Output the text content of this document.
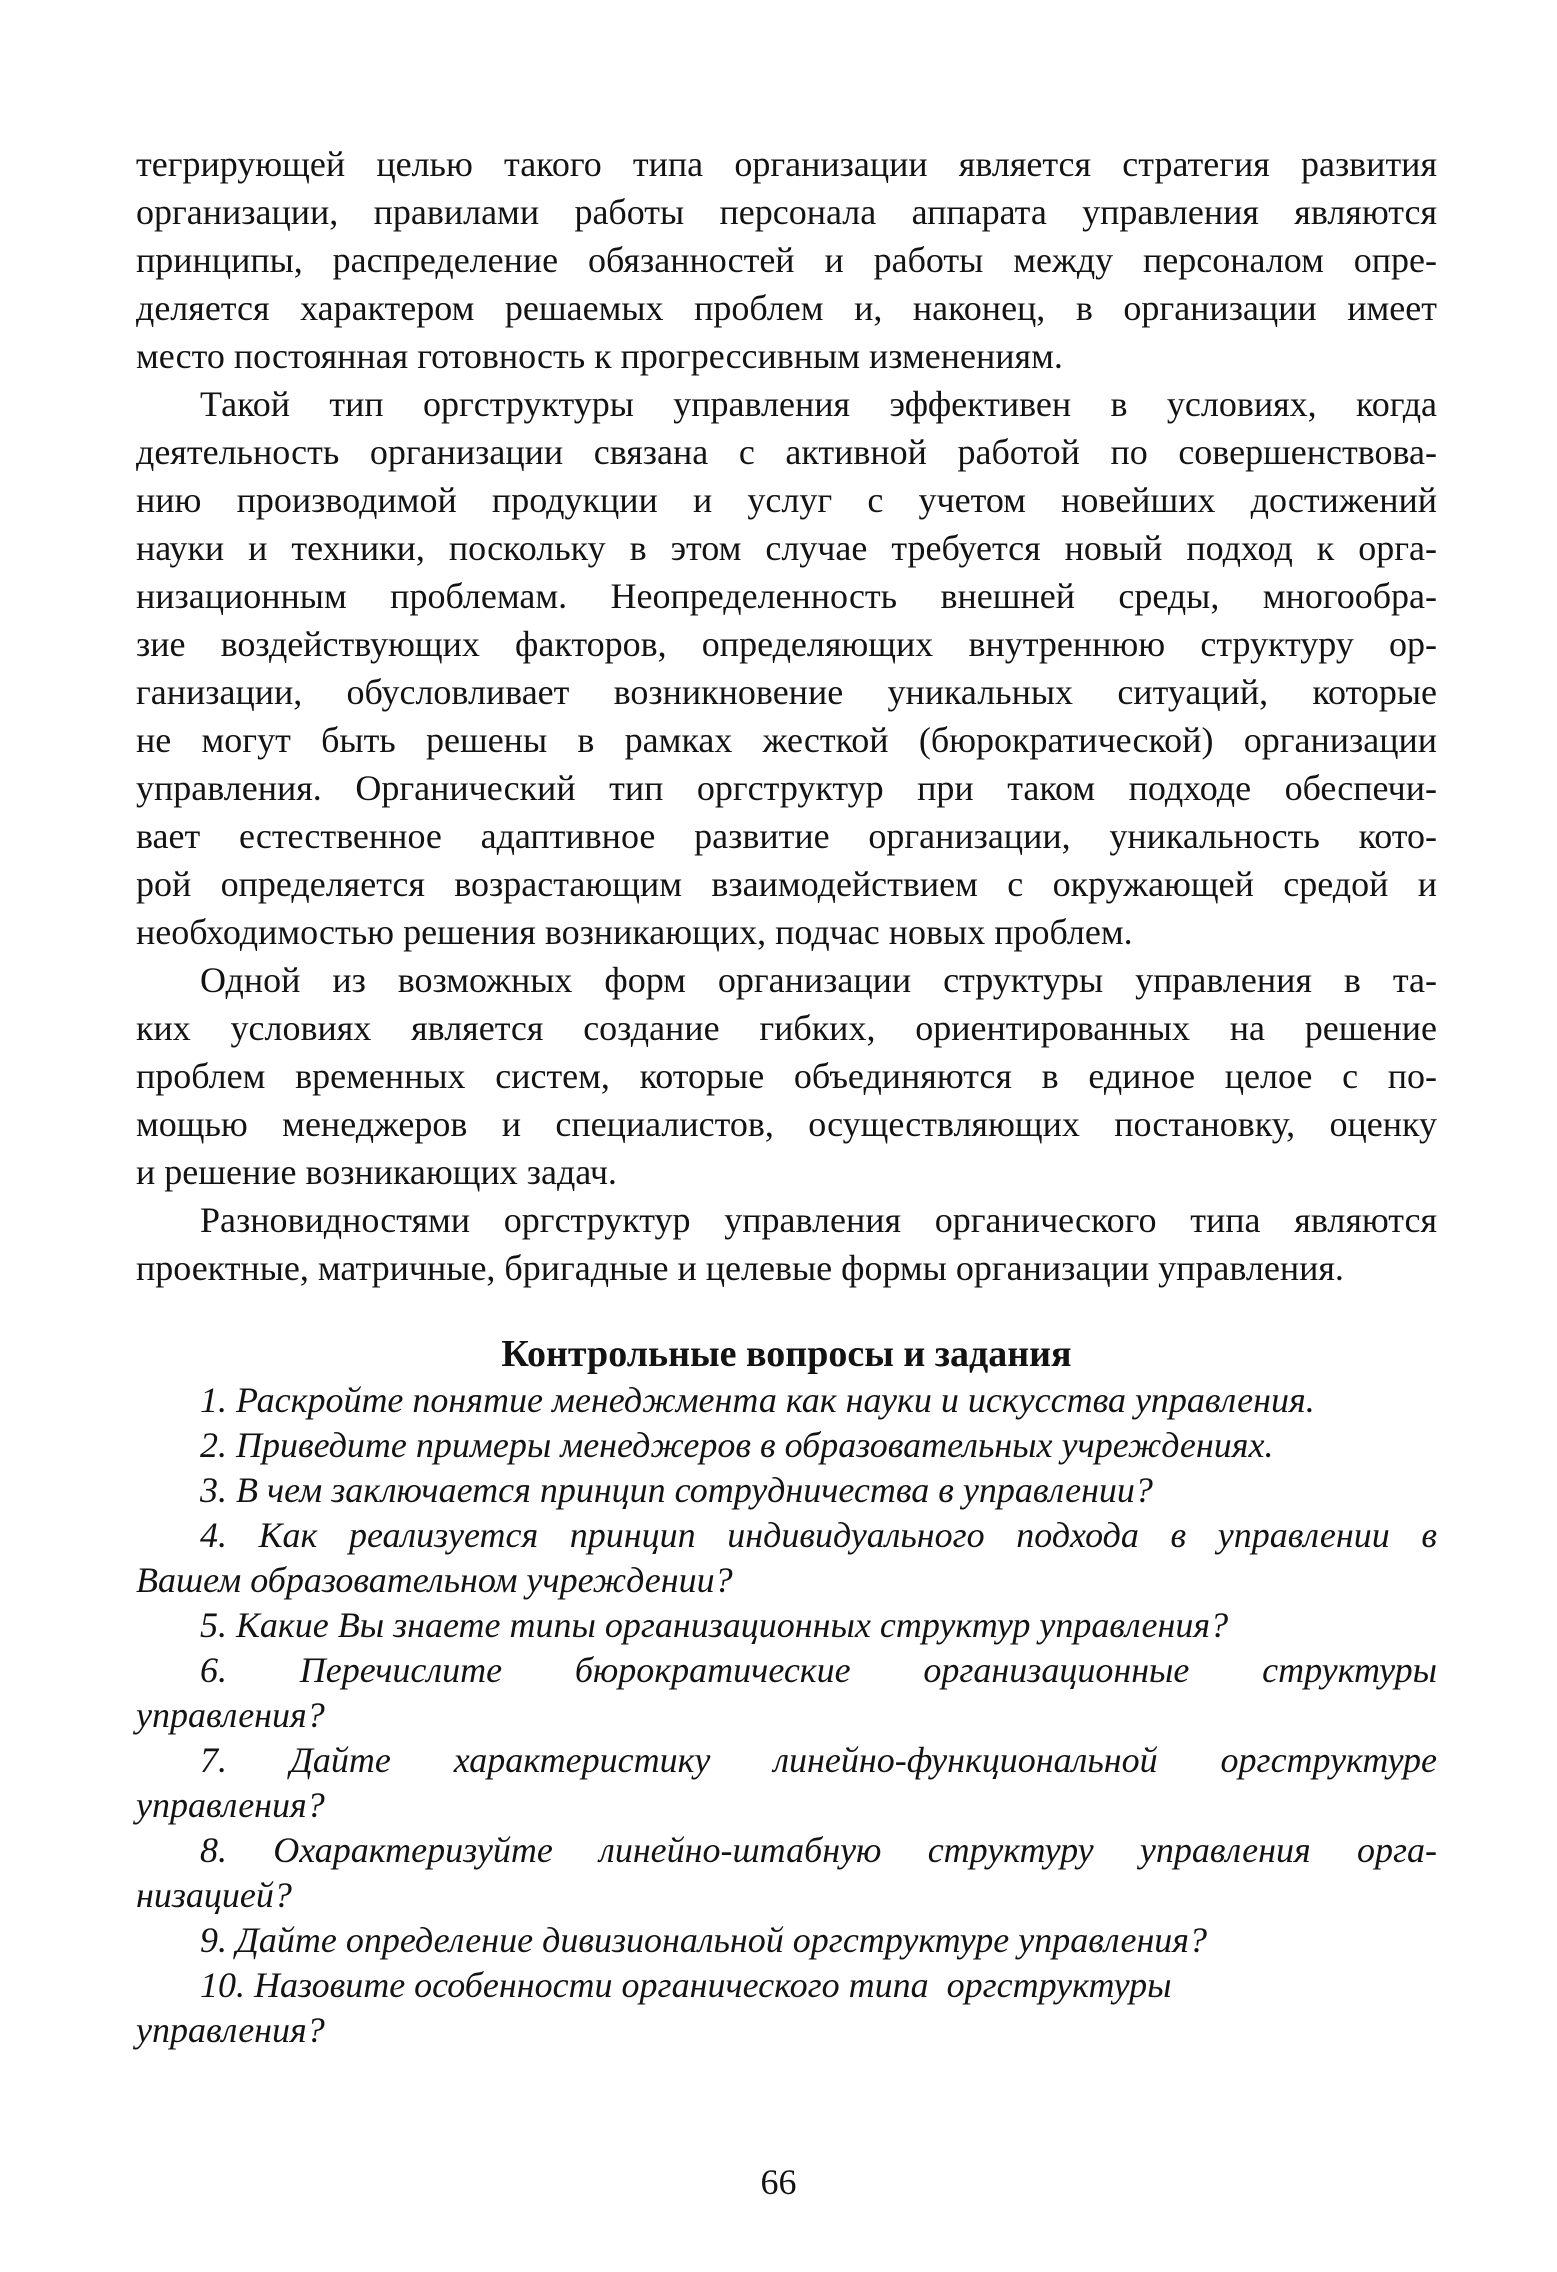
тегрирующей целью такого типа организации является стратегия развития
организации, правилами работы персонала аппарата управления являются
принципы, распределение обязанностей и работы между персоналом опре-
деляется характером решаемых проблем и, наконец, в организации имеет
место постоянная готовность к прогрессивным изменениям.
Такой тип оргструктуры управления эффективен в условиях, когда
деятельность организации связана с активной работой по совершенствова-
нию производимой продукции и услуг с учетом новейших достижений
науки и техники, поскольку в этом случае требуется новый подход к орга-
низационным проблемам. Неопределенность внешней среды, многообра-
зие воздействующих факторов, определяющих внутреннюю структуру ор-
ганизации, обусловливает возникновение уникальных ситуаций, которые
не могут быть решены в рамках жесткой (бюрократической) организации
управления. Органический тип оргструктур при таком подходе обеспечи-
вает естественное адаптивное развитие организации, уникальность кото-
рой определяется возрастающим взаимодействием с окружающей средой и
необходимостью решения возникающих, подчас новых проблем.
Одной из возможных форм организации структуры управления в та-
ких условиях является создание гибких, ориентированных на решение
проблем временных систем, которые объединяются в единое целое с по-
мощью менеджеров и специалистов, осуществляющих постановку, оценку
и решение возникающих задач.
Разновидностями оргструктур управления органического типа являются
проектные, матричные, бригадные и целевые формы организации управления.
Контрольные вопросы и задания
1. Раскройте понятие менеджмента как науки и искусства управления.
2. Приведите примеры менеджеров в образовательных учреждениях.
3. В чем заключается принцип сотрудничества в управлении?
4. Как реализуется принцип индивидуального подхода в управлении в
Вашем образовательном учреждении?
5. Какие Вы знаете типы организационных структур управления?
6. Перечислите бюрократические организационные структуры
управления?
7. Дайте характеристику линейно-функциональной оргструктуре
управления?
8. Охарактеризуйте линейно-штабную структуру управления орга-
низацией?
9. Дайте определение дивизиональной оргструктуре управления?
10. Назовите особенности органического типа  оргструктуры
управления?
66
